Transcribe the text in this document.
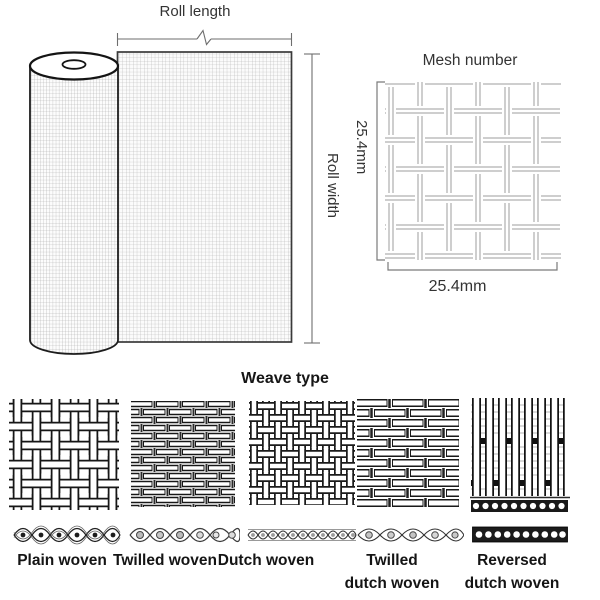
Roll length
Roll width
Mesh number
25.4mm
25.4mm
Weave type
Plain woven Twilled woven Dutch woven	Twilled
dutch woven
Reversed
dutch woven
